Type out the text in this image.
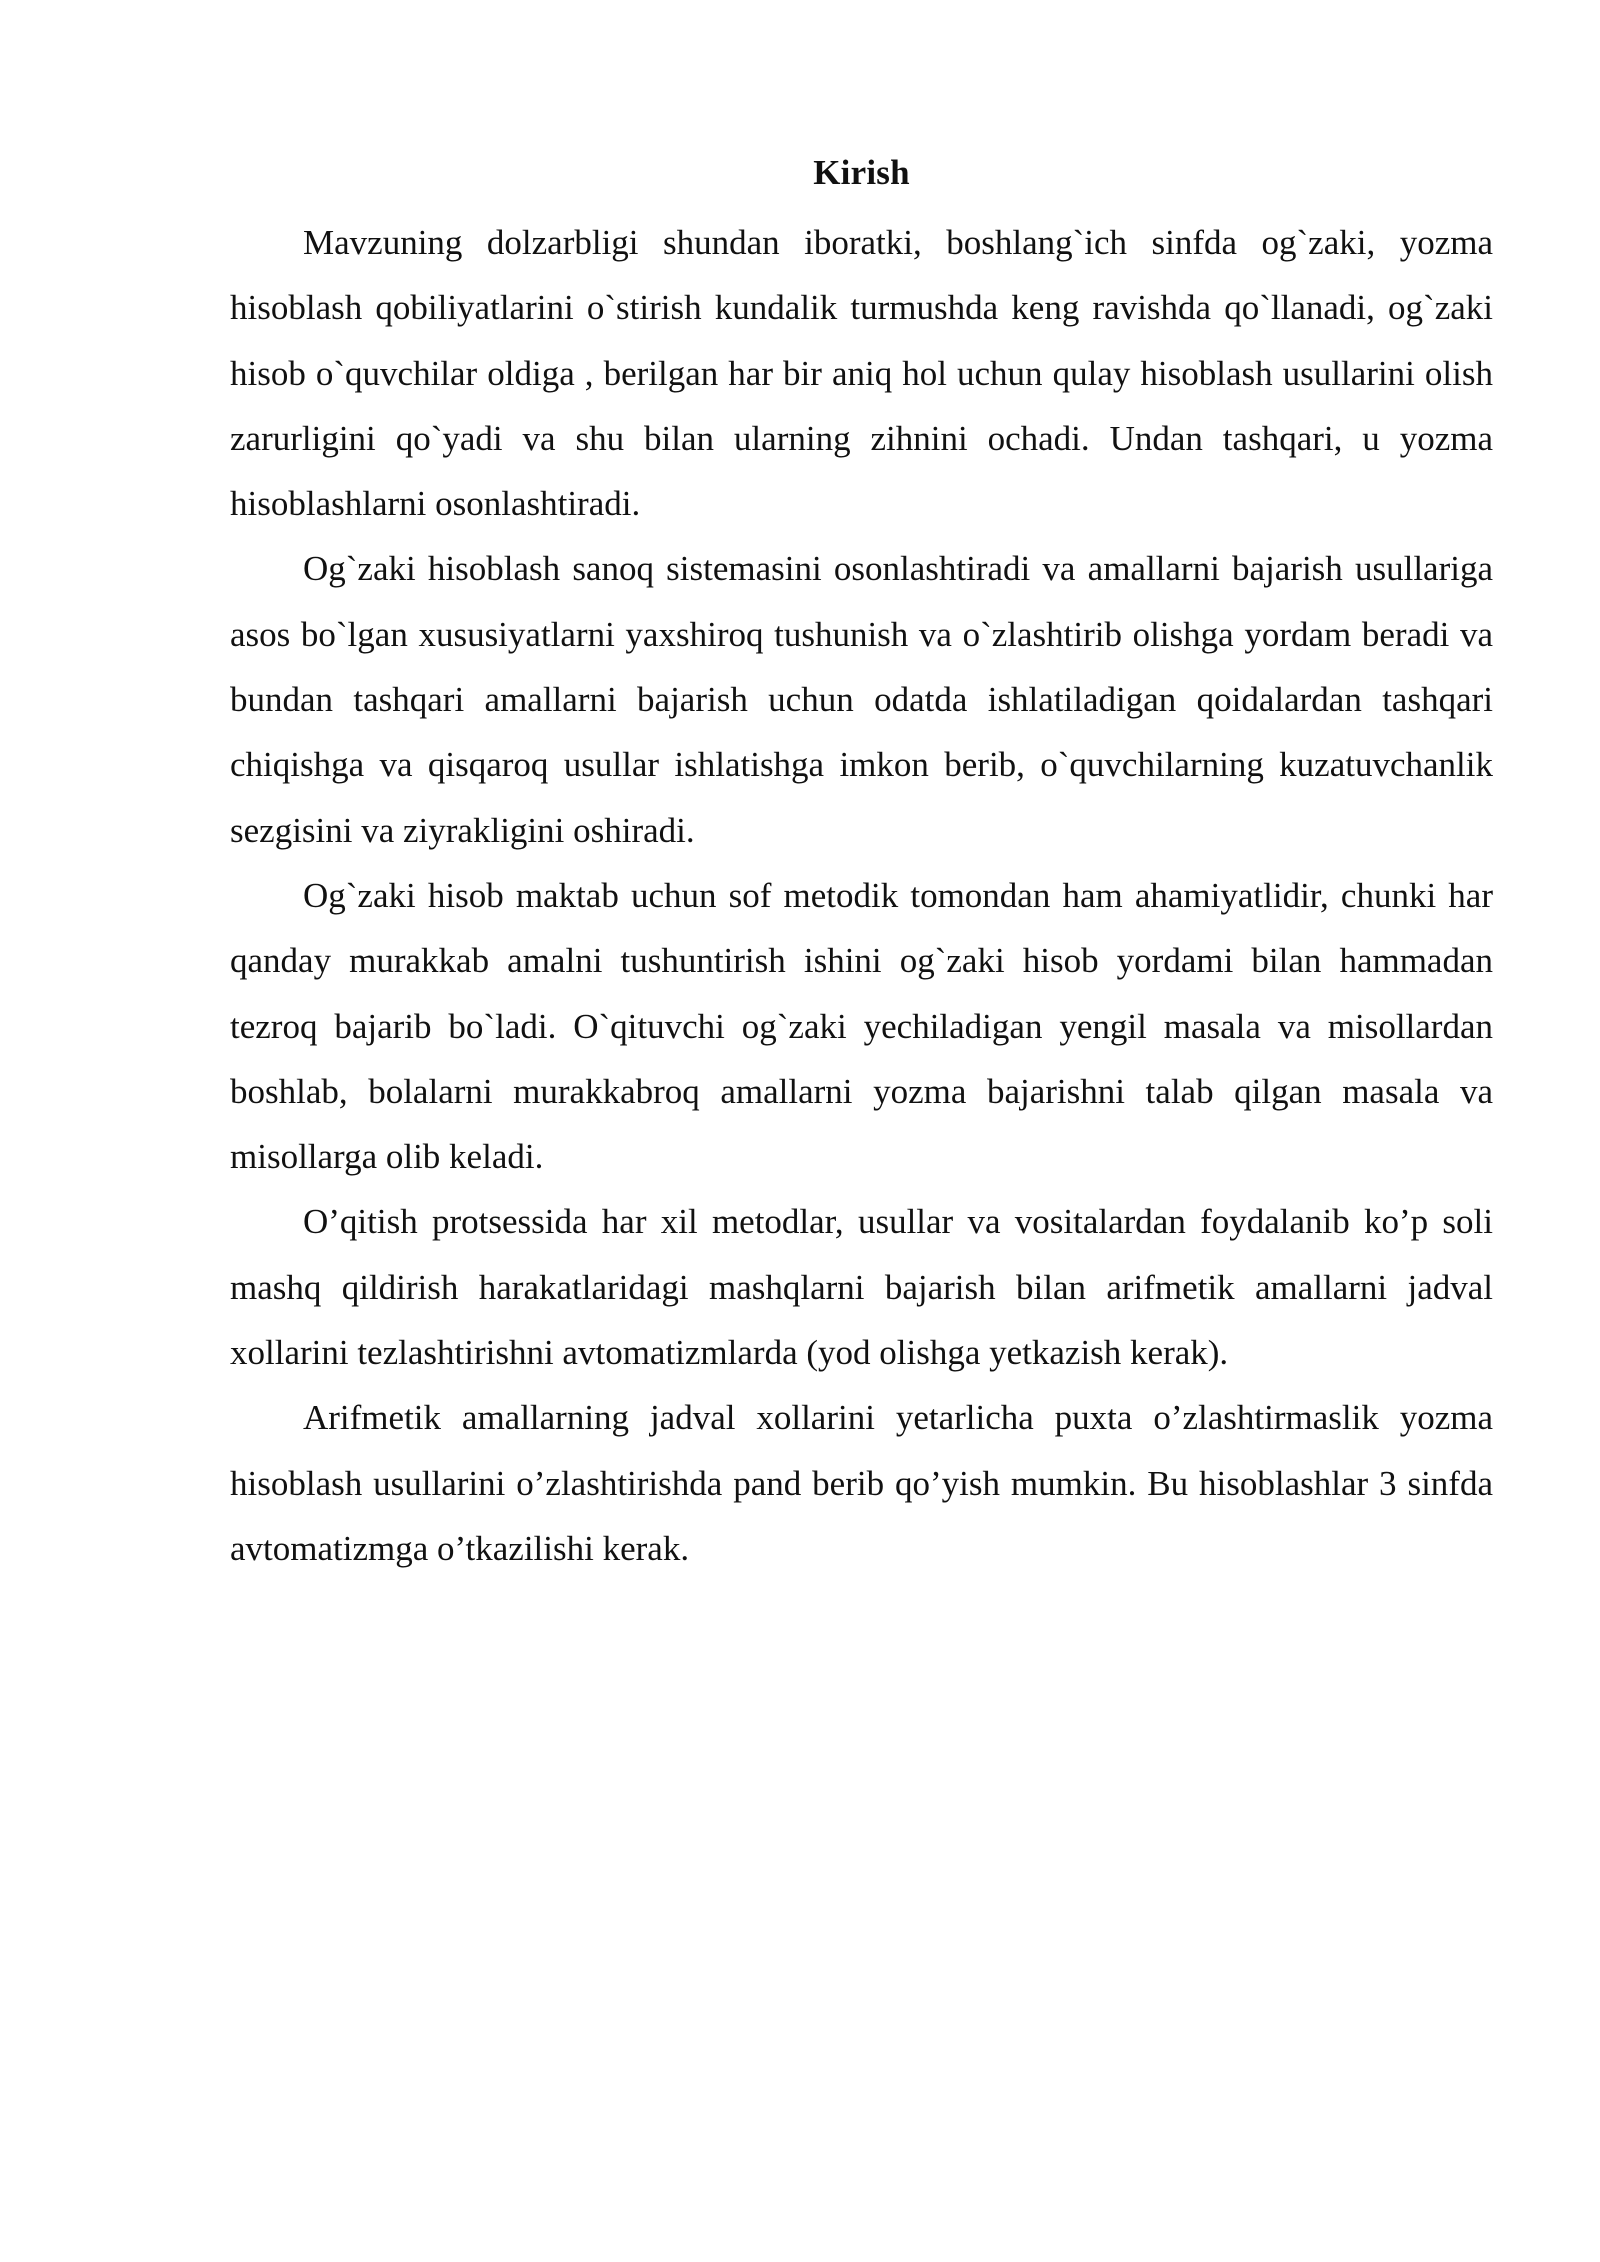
Kirish

Mavzuning dolzarbligi shundan iboratki, boshlang`ich sinfda og`zaki, yozma hisoblash qobiliyatlarini o`stirish kundalik turmushda keng ravishda qo`llanadi, og`zaki hisob o`quvchilar oldiga , berilgan har bir aniq hol uchun qulay hisoblash usullarini olish zarurligini qo`yadi va shu bilan ularning zihnini ochadi. Undan tashqari, u yozma hisoblashlarni osonlashtiradi.

Og`zaki hisoblash sanoq sistemasini osonlashtiradi va amallarni bajarish usullariga asos bo`lgan xususiyatlarni yaxshiroq tushunish va o`zlashtirib olishga yordam beradi va bundan tashqari amallarni bajarish uchun odatda ishlatiladigan qoidalardan tashqari chiqishga va qisqaroq usullar ishlatishga imkon berib, o`quvchilarning kuzatuvchanlik sezgisini va ziyrakligini oshiradi.

Og`zaki hisob maktab uchun sof metodik tomondan ham ahamiyatlidir, chunki har qanday murakkab amalni tushuntirish ishini og`zaki hisob yordami bilan hammadan tezroq bajarib bo`ladi. O`qituvchi og`zaki yechiladigan yengil masala va misollardan boshlab, bolalarni murakkabroq amallarni yozma bajarishni talab qilgan masala va misollarga olib keladi.

O’qitish protsessida har xil metodlar, usullar va vositalardan foydalanib ko’p soli mashq qildirish harakatlaridagi mashqlarni bajarish bilan arifmetik amallarni jadval xollarini tezlashtirishni avtomatizmlarda (yod olishga yetkazish kerak).

Arifmetik amallarning jadval xollarini yetarlicha puxta o’zlashtirmaslik yozma hisoblash usullarini o’zlashtirishda pand berib qo’yish mumkin. Bu hisoblashlar 3 sinfda avtomatizmga o’tkazilishi kerak.
